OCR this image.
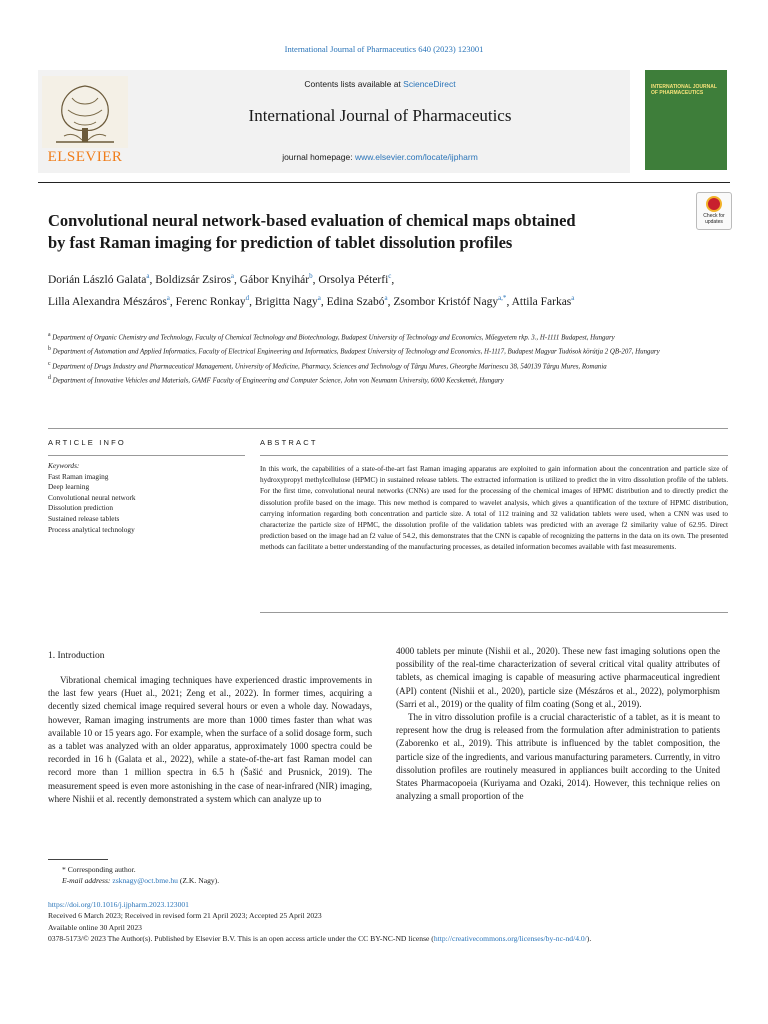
International Journal of Pharmaceutics 640 (2023) 123001
ELSEVIER
Contents lists available at ScienceDirect
International Journal of Pharmaceutics
journal homepage: www.elsevier.com/locate/ijpharm
INTERNATIONAL JOURNAL OF PHARMACEUTICS
Convolutional neural network-based evaluation of chemical maps obtained
by fast Raman imaging for prediction of tablet dissolution profiles
Check for updates
Dorián László Galata$^a$, Boldizsár Zsiros$^a$, Gábor Knyihár$^b$, Orsolya Péterfi$^c$,
Lilla Alexandra Mészáros$^a$, Ferenc Ronkay$^d$, Brigitta Nagy$^a$, Edina Szabó$^a$, Zsombor Kristóf Nagy$^{a,*}$, Attila Farkas$^a$

$^a$ Department of Organic Chemistry and Technology, Faculty of Chemical Technology and Biotechnology, Budapest University of Technology and Economics, Műegyetem rkp. 3., H-1111 Budapest, Hungary

$^b$ Department of Automation and Applied Informatics, Faculty of Electrical Engineering and Informatics, Budapest University of Technology and Economics, H-1117, Budapest Magyar Tudósok körútja 2 QB-207, Hungary

$^c$ Department of Drugs Industry and Pharmaceutical Management, University of Medicine, Pharmacy, Sciences and Technology of Târgu Mures, Gheorghe Marinescu 38, 540139 Târgu Mures, Romania

$^d$ Department of Innovative Vehicles and Materials, GAMF Faculty of Engineering and Computer Science, John von Neumann University, 6000 Kecskemét, Hungary

ARTICLE INFO	ABSTRACT
Keywords:
Fast Raman imaging
Deep learning
Convolutional neural network
Dissolution prediction
Sustained release tablets
Process analytical technology
In this work, the capabilities of a state-of-the-art fast Raman imaging apparatus are exploited to gain information about the concentration and particle size of hydroxypropyl methylcellulose (HPMC) in sustained release tablets. The extracted information is utilized to predict the in vitro dissolution profile of the tablets. For the first time, convolutional neural networks (CNNs) are used for the processing of the chemical images of HPMC distribution and to directly predict the dissolution profile based on the image. This new method is compared to wavelet analysis, which gives a quantification of the texture of HPMC distribution, carrying information regarding both concentration and particle size. A total of 112 training and 32 validation tablets were used, when a CNN was used to characterize the particle size of HPMC, the dissolution profile of the validation tablets was predicted with an average f2 similarity value of 62.95. Direct prediction based on the image had an f2 value of 54.2, this demonstrates that the CNN is capable of recognizing the patterns in the data on its own. The presented methods can facilitate a better understanding of the manufacturing processes, as detailed information becomes available with fast measurements.
1. Introduction

Vibrational chemical imaging techniques have experienced drastic improvements in the last few years (Huet al., 2021; Zeng et al., 2022). In former times, acquiring a decently sized chemical image required several hours or even a whole day. Nowadays, however, Raman imaging instruments are more than 1000 times faster than what was available 10 or 15 years ago. For example, when the surface of a solid dosage form, such as a tablet was analyzed with an older apparatus, approximately 1000 spectra could be recorded in 16 h (Galata et al., 2022), while a state-of-the-art fast Raman model can record more than 1 million spectra in 6.5 h (Šašić and Prusnick, 2019). The measurement speed is even more astonishing in the case of near-infrared (NIR) imaging, where Nishii et al. recently demonstrated a system which can analyze up to

4000 tablets per minute (Nishii et al., 2020). These new fast imaging solutions open the possibility of the real-time characterization of several critical vital quality attributes of tablets, as chemical imaging is capable of measuring active pharmaceutical ingredient (API) content (Nishii et al., 2020), particle size (Mészáros et al., 2022), polymorphism (Sarri et al., 2019) or the quality of film coating (Song et al., 2019).

The in vitro dissolution profile is a crucial characteristic of a tablet, as it is meant to represent how the drug is released from the formulation after administration to patients (Zaborenko et al., 2019). This attribute is influenced by the tablet composition, the particle size of the ingredients, and various manufacturing parameters. Currently, in vitro dissolution profiles are routinely measured in appliances built according to the United States Pharmacopoeia (Kuriyama and Ozaki, 2014). However, this technique relies on analyzing a small proportion of the

* Corresponding author.
E-mail address: zsknagy@oct.bme.hu (Z.K. Nagy).
https://doi.org/10.1016/j.ijpharm.2023.123001
Received 6 March 2023; Received in revised form 21 April 2023; Accepted 25 April 2023
Available online 30 April 2023
0378-5173/© 2023 The Author(s). Published by Elsevier B.V. This is an open access article under the CC BY-NC-ND license (http://creativecommons.org/licenses/by-nc-nd/4.0/).
